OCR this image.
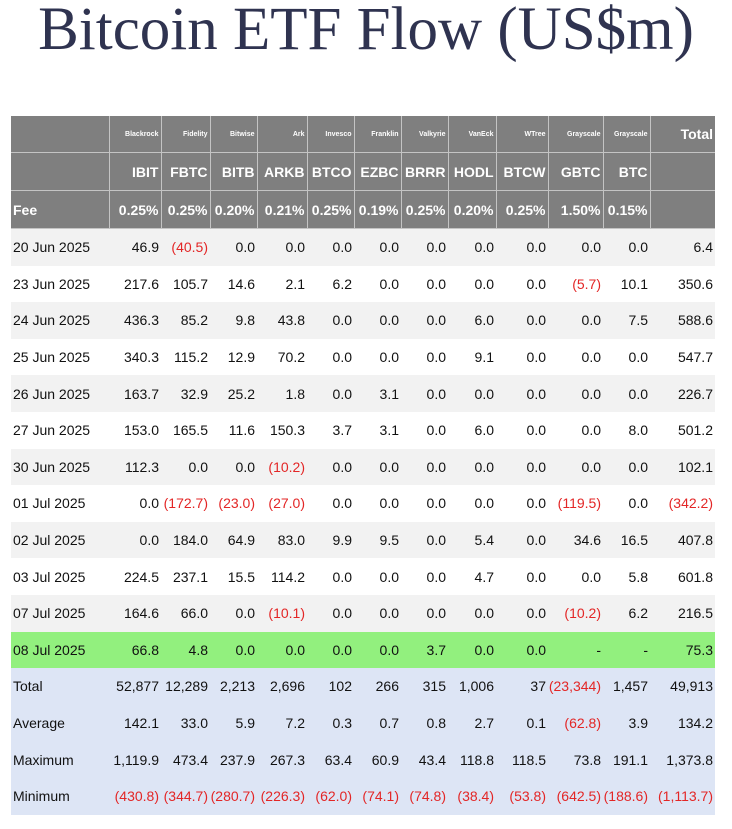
Bitcoin ETF Flow (US$m)
	Blackrock	Fidelity	Bitwise	Ark	Invesco	Franklin	Valkyrie	VanEck	WTree	Grayscale	Grayscale	Total
	IBIT	FBTC	BITB	ARKB	BTCO	EZBC	BRRR	HODL	BTCW	GBTC	BTC	
Fee	0.25%	0.25%	0.20%	0.21%	0.25%	0.19%	0.25%	0.20%	0.25%	1.50%	0.15%	
20 Jun 2025	46.9	(40.5)	0.0	0.0	0.0	0.0	0.0	0.0	0.0	0.0	0.0	6.4
23 Jun 2025	217.6	105.7	14.6	2.1	6.2	0.0	0.0	0.0	0.0	(5.7)	10.1	350.6
24 Jun 2025	436.3	85.2	9.8	43.8	0.0	0.0	0.0	6.0	0.0	0.0	7.5	588.6
25 Jun 2025	340.3	115.2	12.9	70.2	0.0	0.0	0.0	9.1	0.0	0.0	0.0	547.7
26 Jun 2025	163.7	32.9	25.2	1.8	0.0	3.1	0.0	0.0	0.0	0.0	0.0	226.7
27 Jun 2025	153.0	165.5	11.6	150.3	3.7	3.1	0.0	6.0	0.0	0.0	8.0	501.2
30 Jun 2025	112.3	0.0	0.0	(10.2)	0.0	0.0	0.0	0.0	0.0	0.0	0.0	102.1
01 Jul 2025	0.0	(172.7)	(23.0)	(27.0)	0.0	0.0	0.0	0.0	0.0	(119.5)	0.0	(342.2)
02 Jul 2025	0.0	184.0	64.9	83.0	9.9	9.5	0.0	5.4	0.0	34.6	16.5	407.8
03 Jul 2025	224.5	237.1	15.5	114.2	0.0	0.0	0.0	4.7	0.0	0.0	5.8	601.8
07 Jul 2025	164.6	66.0	0.0	(10.1)	0.0	0.0	0.0	0.0	0.0	(10.2)	6.2	216.5
08 Jul 2025	66.8	4.8	0.0	0.0	0.0	0.0	3.7	0.0	0.0	-	-	75.3
Total	52,877	12,289	2,213	2,696	102	266	315	1,006	37	(23,344)	1,457	49,913
Average	142.1	33.0	5.9	7.2	0.3	0.7	0.8	2.7	0.1	(62.8)	3.9	134.2
Maximum	1,119.9	473.4	237.9	267.3	63.4	60.9	43.4	118.8	118.5	73.8	191.1	1,373.8
Minimum	(430.8)	(344.7)	(280.7)	(226.3)	(62.0)	(74.1)	(74.8)	(38.4)	(53.8)	(642.5)	(188.6)	(1,113.7)
